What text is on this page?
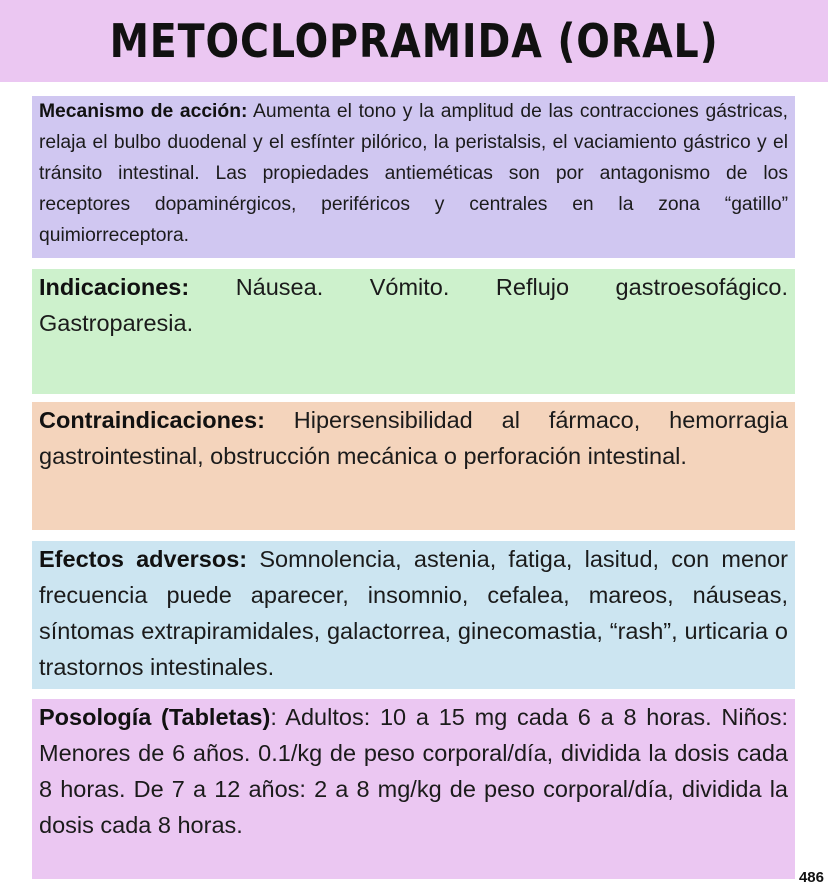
METOCLOPRAMIDA (ORAL)
Mecanismo de acción: Aumenta el tono y la amplitud de las contracciones gástricas, relaja el bulbo duodenal y el esfínter pilórico, la peristalsis, el vaciamiento gástrico y el tránsito intestinal. Las propiedades antieméticas son por antagonismo de los receptores dopaminérgicos, periféricos y centrales en la zona “gatillo” quimiorreceptora.
Indicaciones: Náusea. Vómito. Reflujo gastroesofágico. Gastroparesia.
Contraindicaciones: Hipersensibilidad al fármaco, hemorragia gastrointestinal, obstrucción mecánica o perforación intestinal.
Efectos adversos: Somnolencia, astenia, fatiga, lasitud, con menor frecuencia puede aparecer, insomnio, cefalea, mareos, náuseas, síntomas extrapiramidales, galactorrea, ginecomastia, “rash”, urticaria o trastornos intestinales.
Posología (Tabletas): Adultos: 10 a 15 mg cada 6 a 8 horas. Niños: Menores de 6 años. 0.1/kg de peso corporal/día, dividida la dosis cada 8 horas. De 7 a 12 años: 2 a 8 mg/kg de peso corporal/día, dividida la dosis cada 8 horas.
486
